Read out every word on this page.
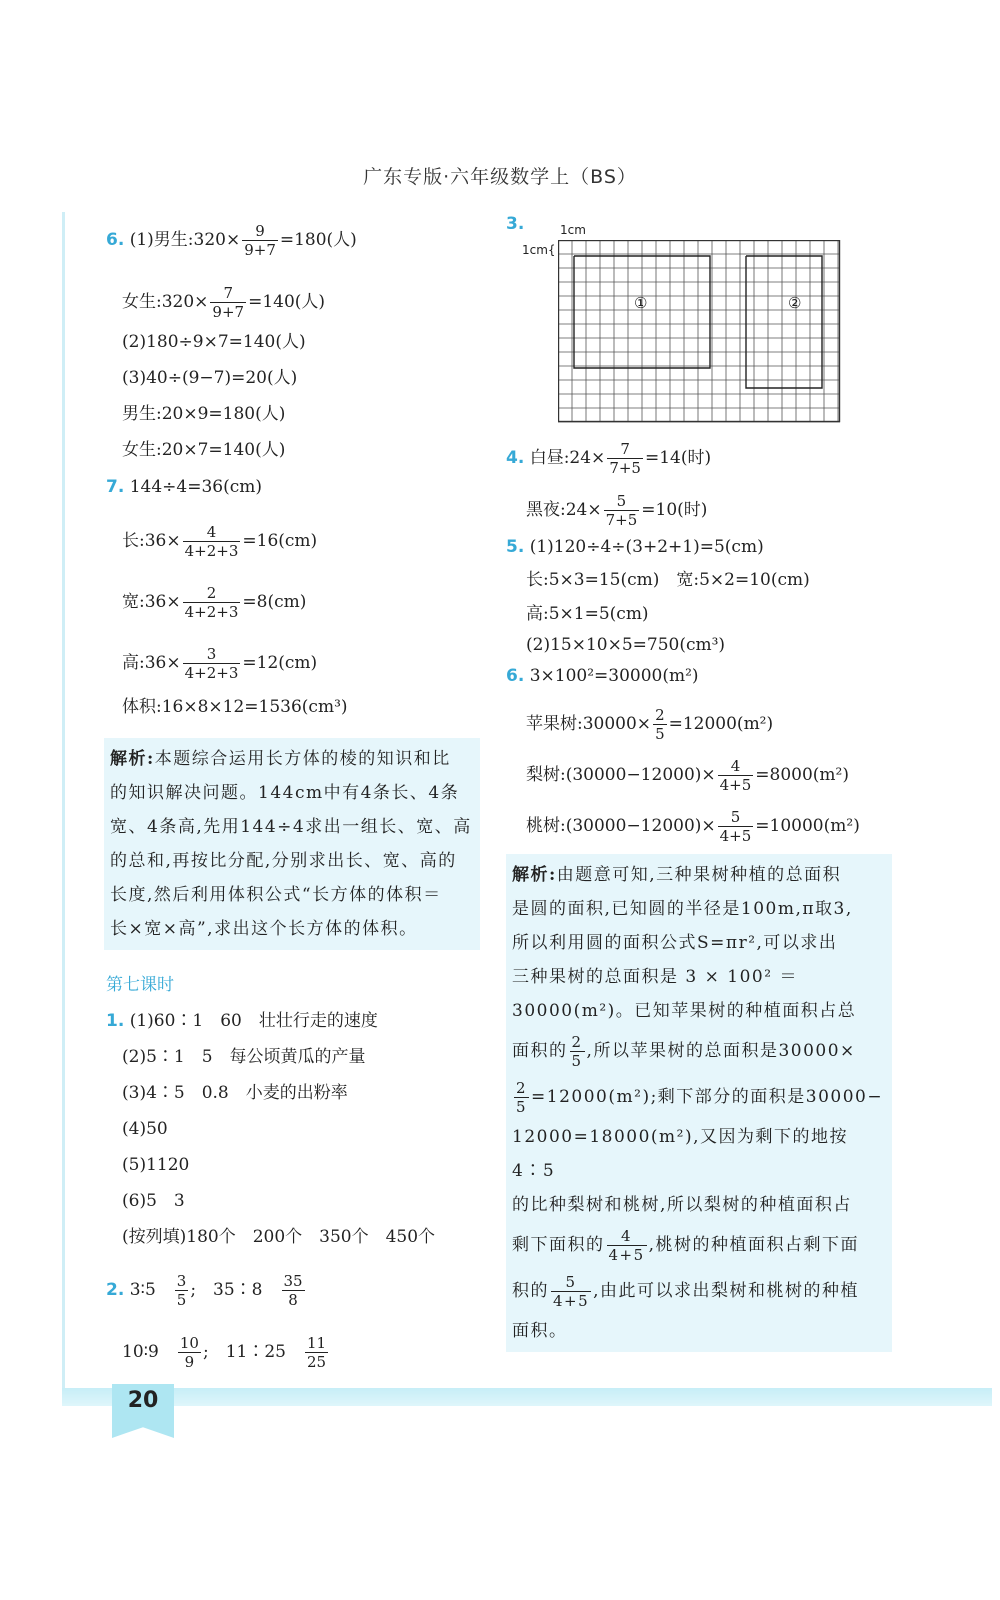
广东专版·六年级数学上（BS）
20
6. (1)男生:320× $\frac{9}{9+7} =180$(人)
女生:320× $\frac{7}{9+7} =140$(人)
(2)180÷9×7=140(人)
(3)40÷(9−7)=20(人)
男生:20×9=180(人)
女生:20×7=140(人)
7. 144÷4=36(cm)
长:36× $\frac{4}{4+2+3} =16(cm)$
宽:36× $\frac{2}{4+2+3} =8(cm)$
高:36× $\frac{3}{4+2+3} =12(cm)$
体积:16×8×12=1536(cm³)

解析:本题综合运用长方体的棱的知识和比

的知识解决问题。144cm中有4条长、4条

宽、4条高,先用144÷4求出一组长、宽、高

的总和,再按比分配,分别求出长、宽、高的

长度,然后利用体积公式“长方体的体积＝

长×宽×高”,求出这个长方体的体积。

第七课时
1. (1)60∶1　60　壮壮行走的速度
(2)5∶1　5　每公顷黄瓜的产量
(3)4∶5　0.8　小麦的出粉率
(4)50
(5)1120
(6)5　3
(按列填)180个　200个　350个　450个
2. 3∶5　 $\frac{3}{5}$ ;　35∶8　 $\frac{35}{8}$
10∶9　 $\frac{10}{9}$ ;　11∶25　 $\frac{11}{25}$
3.	1cm
1cm{
①	②
4. 白昼:24× $\frac{7}{7+5} =14$(时)
黑夜:24× $\frac{5}{7+5} =10$(时)
5. (1)120÷4÷(3+2+1)=5(cm)
长:5×3=15(cm)　宽:5×2=10(cm)
高:5×1=5(cm)
(2)15×10×5=750(cm³)
6. 3×100²=30000(m²)
苹果树:30000× $\frac{2}{5} =12000(m^2)$
梨树:(30000−12000)× $\frac{4}{4+5} =8000(m^2)$
桃树:(30000−12000)× $\frac{5}{4+5} =10000(m^2)$

解析:由题意可知,三种果树种植的总面积

是圆的面积,已知圆的半径是100m,π取3,

所以利用圆的面积公式S=πr²,可以求出

三种果树的总面积是 3 × 100² ＝

30000(m²)。已知苹果树的种植面积占总

面积的 $\frac{2}{5}$ ,所以苹果树的总面积是30000×

$\frac{2}{5} =12000(m^2)$;剩下部分的面积是30000−

12000=18000(m²),又因为剩下的地按4∶5

的比种梨树和桃树,所以梨树的种植面积占

剩下面积的 $\frac{4}{4+5}$ ,桃树的种植面积占剩下面

积的 $\frac{5}{4+5}$ ,由此可以求出梨树和桃树的种植

面积。
